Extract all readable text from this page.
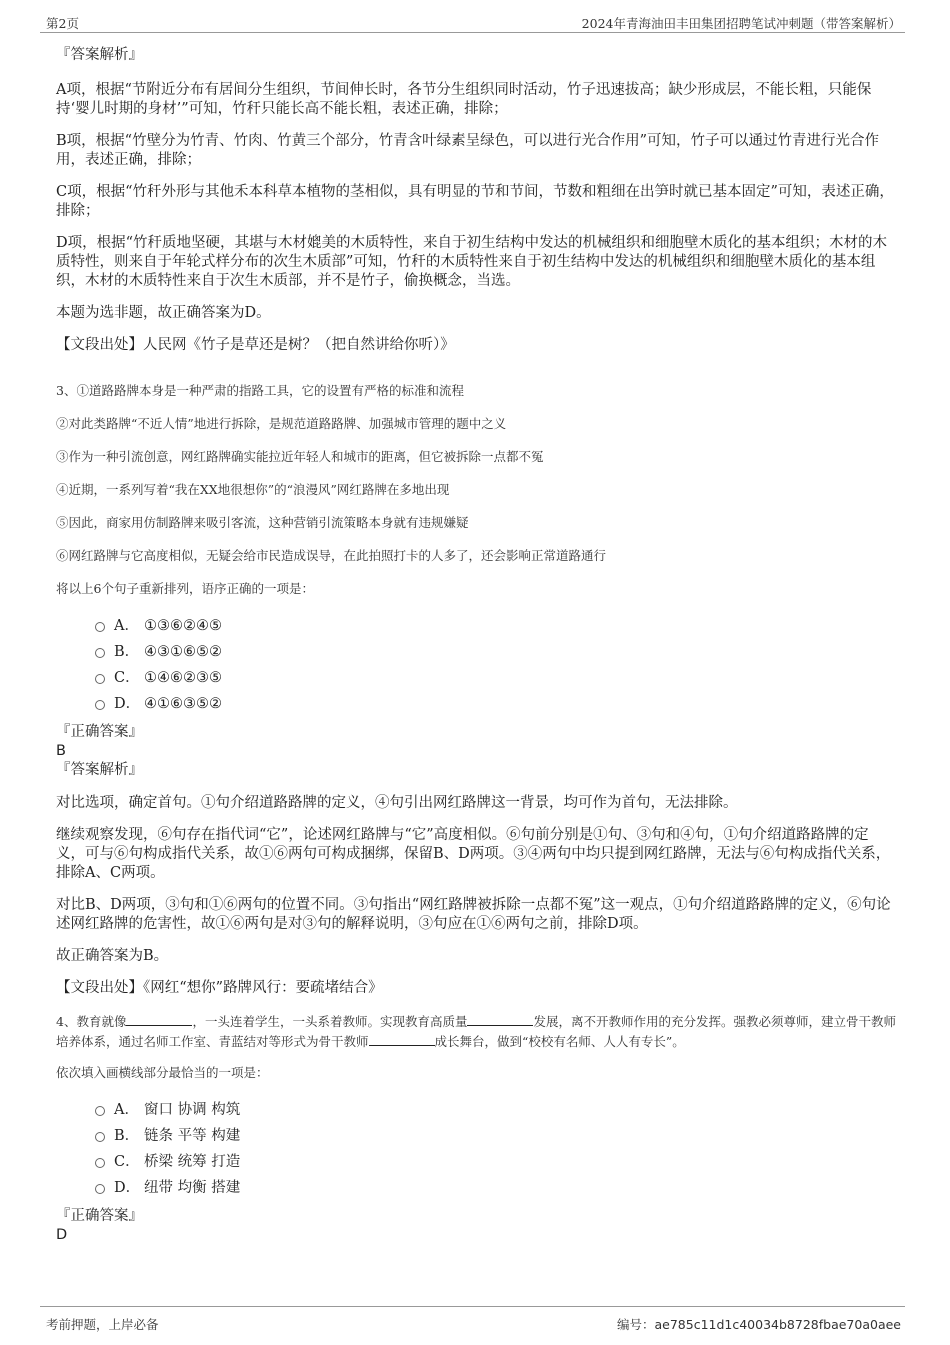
第2页	2024年青海油田丰田集团招聘笔试冲刺题（带答案解析）

『答案解析』

A项，根据“节附近分布有居间分生组织，节间伸长时，各节分生组织同时活动，竹子迅速拔高；缺少形成层，不能长粗，只能保持‘婴儿时期的身材’”可知，竹秆只能长高不能长粗，表述正确，排除；

B项，根据“竹壁分为竹青、竹肉、竹黄三个部分，竹青含叶绿素呈绿色，可以进行光合作用”可知，竹子可以通过竹青进行光合作用，表述正确，排除；

C项，根据“竹秆外形与其他禾本科草本植物的茎相似，具有明显的节和节间，节数和粗细在出笋时就已基本固定”可知，表述正确，排除；

D项，根据“竹秆质地坚硬，其堪与木材媲美的木质特性，来自于初生结构中发达的机械组织和细胞壁木质化的基本组织；木材的木质特性，则来自于年轮式样分布的次生木质部”可知，竹秆的木质特性来自于初生结构中发达的机械组织和细胞壁木质化的基本组织，木材的木质特性来自于次生木质部，并不是竹子，偷换概念，当选。

本题为选非题，故正确答案为D。

【文段出处】人民网《竹子是草还是树？（把自然讲给你听）》

3、①道路路牌本身是一种严肃的指路工具，它的设置有严格的标准和流程

②对此类路牌“不近人情”地进行拆除，是规范道路路牌、加强城市管理的题中之义

③作为一种引流创意，网红路牌确实能拉近年轻人和城市的距离，但它被拆除一点都不冤

④近期，一系列写着“我在XX地很想你”的“浪漫风”网红路牌在多地出现

⑤因此，商家用仿制路牌来吸引客流，这种营销引流策略本身就有违规嫌疑

⑥网红路牌与它高度相似，无疑会给市民造成误导，在此拍照打卡的人多了，还会影响正常道路通行

将以上6个句子重新排列，语序正确的一项是：

A． ①③⑥②④⑤
B． ④③①⑥⑤②
C． ①④⑥②③⑤
D． ④①⑥③⑤②

『正确答案』

B

『答案解析』

对比选项，确定首句。①句介绍道路路牌的定义，④句引出网红路牌这一背景，均可作为首句，无法排除。

继续观察发现，⑥句存在指代词“它”，论述网红路牌与“它”高度相似。⑥句前分别是①句、③句和④句，①句介绍道路路牌的定义，可与⑥句构成指代关系，故①⑥两句可构成捆绑，保留B、D两项。③④两句中均只提到网红路牌，无法与⑥句构成指代关系，排除A、C两项。

对比B、D两项，③句和①⑥两句的位置不同。③句指出“网红路牌被拆除一点都不冤”这一观点，①句介绍道路路牌的定义，⑥句论述网红路牌的危害性，故①⑥两句是对③句的解释说明，③句应在①⑥两句之前，排除D项。

故正确答案为B。

【文段出处】《网红“想你”路牌风行：要疏堵结合》

4、教育就像	，一头连着学生，一头系着教师。实现教育高质量	发展，离不开教师作用的充分发挥。强教必须尊师，建立骨干教师培养体系，通过名师工作室、青蓝结对等形式为骨干教师	成长舞台，做到“校校有名师、人人有专长”。

依次填入画横线部分最恰当的一项是：

A． 窗口 协调 构筑
B． 链条 平等 构建
C． 桥梁 统筹 打造
D． 纽带 均衡 搭建

『正确答案』

D

考前押题，上岸必备	编号：ae785c11d1c40034b8728fbae70a0aee
